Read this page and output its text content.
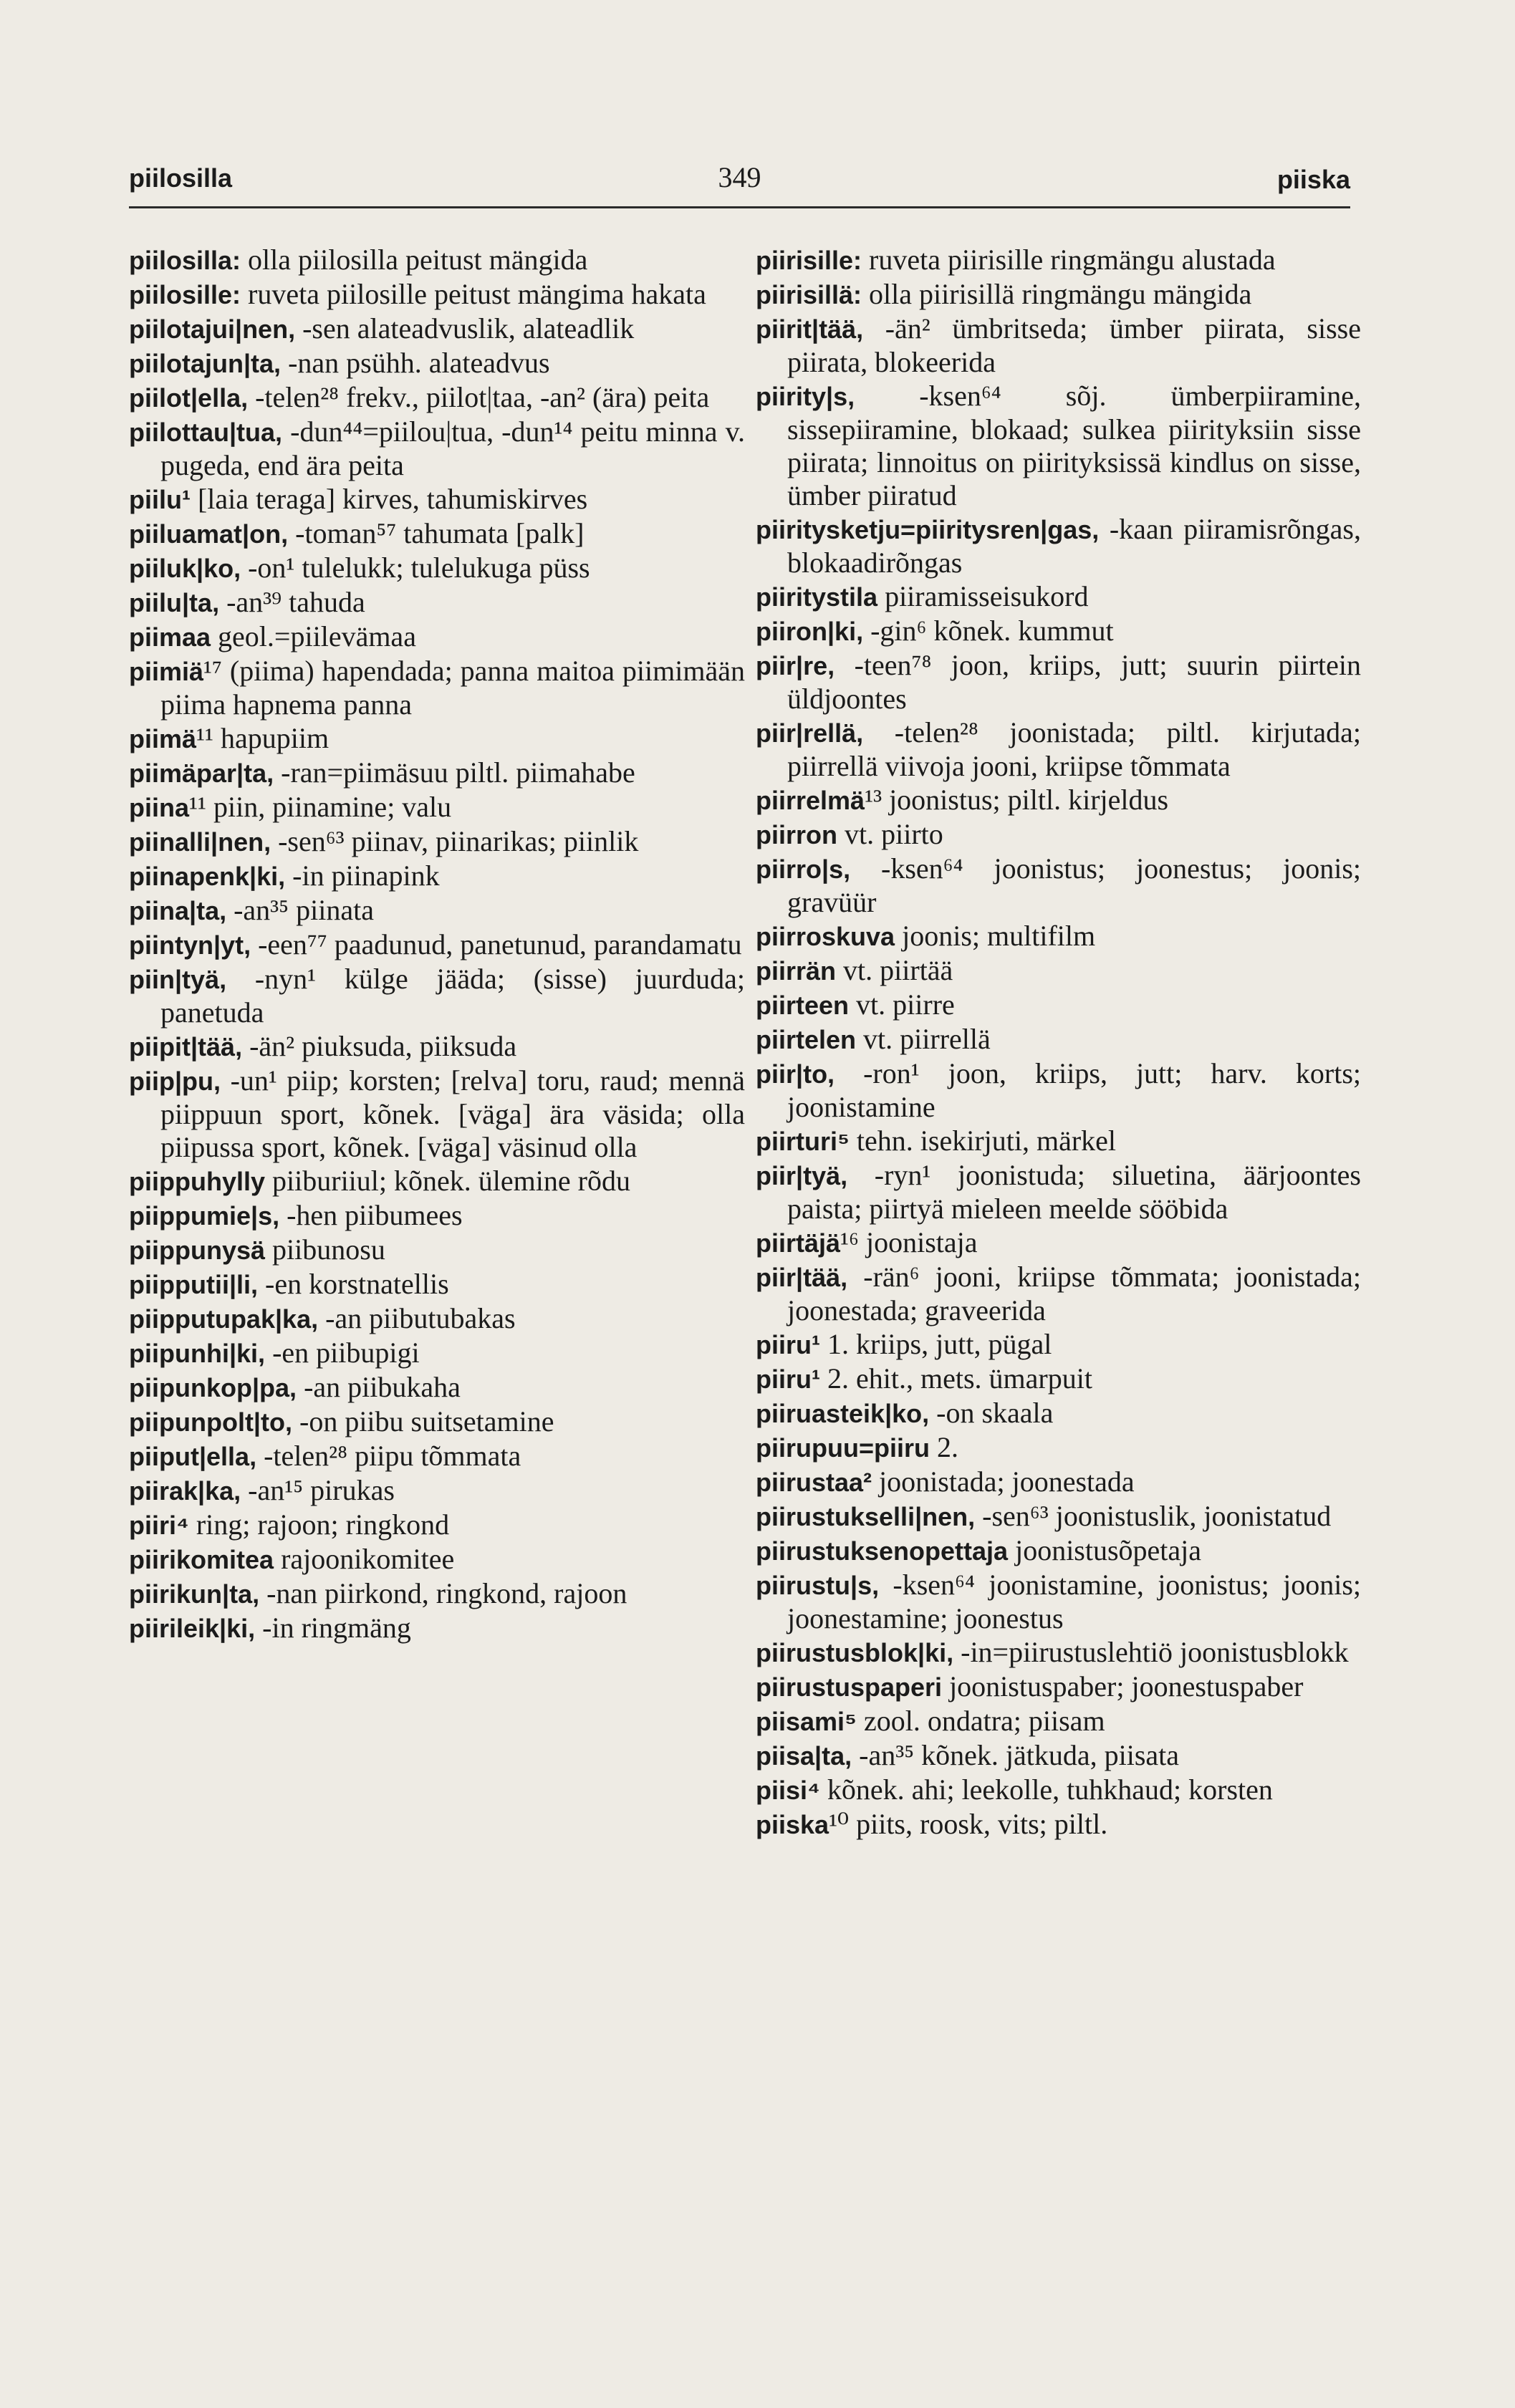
piilosilla	349	piiska

piilosilla: olla piilosilla peitust mängida

piilosille: ruveta piilosille peitust mängima hakata

piilotajui|nen, -sen alateadvuslik, alateadlik

piilotajun|ta, -nan psühh. alateadvus

piilot|ella, -telen²⁸ frekv., piilot|taa, -an² (ära) peita

piilottau|tua, -dun⁴⁴=piilou|tua, -dun¹⁴ peitu minna v. pugeda, end ära peita

piilu¹ [laia teraga] kirves, tahumiskirves

piiluamat|on, -toman⁵⁷ tahumata [palk]

piiluk|ko, -on¹ tulelukk; tulelukuga püss

piilu|ta, -an³⁹ tahuda

piimaa geol.=piilevämaa

piimiä¹⁷ (piima) hapendada; panna maitoa piimimään piima hapnema panna

piimä¹¹ hapupiim

piimäpar|ta, -ran=piimäsuu piltl. piimahabe

piina¹¹ piin, piinamine; valu

piinalli|nen, -sen⁶³ piinav, piinarikas; piinlik

piinapenk|ki, -in piinapink

piina|ta, -an³⁵ piinata

piintyn|yt, -een⁷⁷ paadunud, panetunud, parandamatu

piin|tyä, -nyn¹ külge jääda; (sisse) juurduda; panetuda

piipit|tää, -än² piuksuda, piiksuda

piip|pu, -un¹ piip; korsten; [relva] toru, raud; mennä piippuun sport, kõnek. [väga] ära väsida; olla piipussa sport, kõnek. [väga] väsinud olla

piippuhylly piiburiiul; kõnek. ülemine rõdu

piippumie|s, -hen piibumees

piippunysä piibunosu

piipputii|li, -en korstnatellis

piipputupak|ka, -an piibutubakas

piipunhi|ki, -en piibupigi

piipunkop|pa, -an piibukaha

piipunpolt|to, -on piibu suitsetamine

piiput|ella, -telen²⁸ piipu tõmmata

piirak|ka, -an¹⁵ pirukas

piiri⁴ ring; rajoon; ringkond

piirikomitea rajoonikomitee

piirikun|ta, -nan piirkond, ringkond, rajoon

piirileik|ki, -in ringmäng

piirisille: ruveta piirisille ringmängu alustada

piirisillä: olla piirisillä ringmängu mängida

piirit|tää, -än² ümbritseda; ümber piirata, sisse piirata, blokeerida

piirity|s, -ksen⁶⁴ sõj. ümberpiiramine, sissepiiramine, blokaad; sulkea piirityksiin sisse piirata; linnoitus on piirityksissä kindlus on sisse, ümber piiratud

piiritysketju=piiritysren|gas, -kaan piiramisrõngas, blokaadirõngas

piiritystila piiramisseisukord

piiron|ki, -gin⁶ kõnek. kummut

piir|re, -teen⁷⁸ joon, kriips, jutt; suurin piirtein üldjoontes

piir|rellä, -telen²⁸ joonistada; piltl. kirjutada; piirrellä viivoja jooni, kriipse tõmmata

piirrelmä¹³ joonistus; piltl. kirjeldus

piirron vt. piirto

piirro|s, -ksen⁶⁴ joonistus; joonestus; joonis; gravüür

piirroskuva joonis; multifilm

piirrän vt. piirtää

piirteen vt. piirre

piirtelen vt. piirrellä

piir|to, -ron¹ joon, kriips, jutt; harv. korts; joonistamine

piirturi⁵ tehn. isekirjuti, märkel

piir|tyä, -ryn¹ joonistuda; siluetina, äärjoontes paista; piirtyä mieleen meelde sööbida

piirtäjä¹⁶ joonistaja

piir|tää, -rän⁶ jooni, kriipse tõmmata; joonistada; joonestada; graveerida

piiru¹ 1. kriips, jutt, pügal

piiru¹ 2. ehit., mets. ümarpuit

piiruasteik|ko, -on skaala

piirupuu=piiru 2.

piirustaa² joonistada; joonestada

piirustukselli|nen, -sen⁶³ joonistuslik, joonistatud

piirustuksenopettaja joonistusõpetaja

piirustu|s, -ksen⁶⁴ joonistamine, joonistus; joonis; joonestamine; joonestus

piirustusblok|ki, -in=piirustuslehtiö joonistusblokk

piirustuspaperi joonistuspaber; joonestuspaber

piisami⁵ zool. ondatra; piisam

piisa|ta, -an³⁵ kõnek. jätkuda, piisata

piisi⁴ kõnek. ahi; leekolle, tuhkhaud; korsten

piiska¹⁰ piits, roosk, vits; piltl.
